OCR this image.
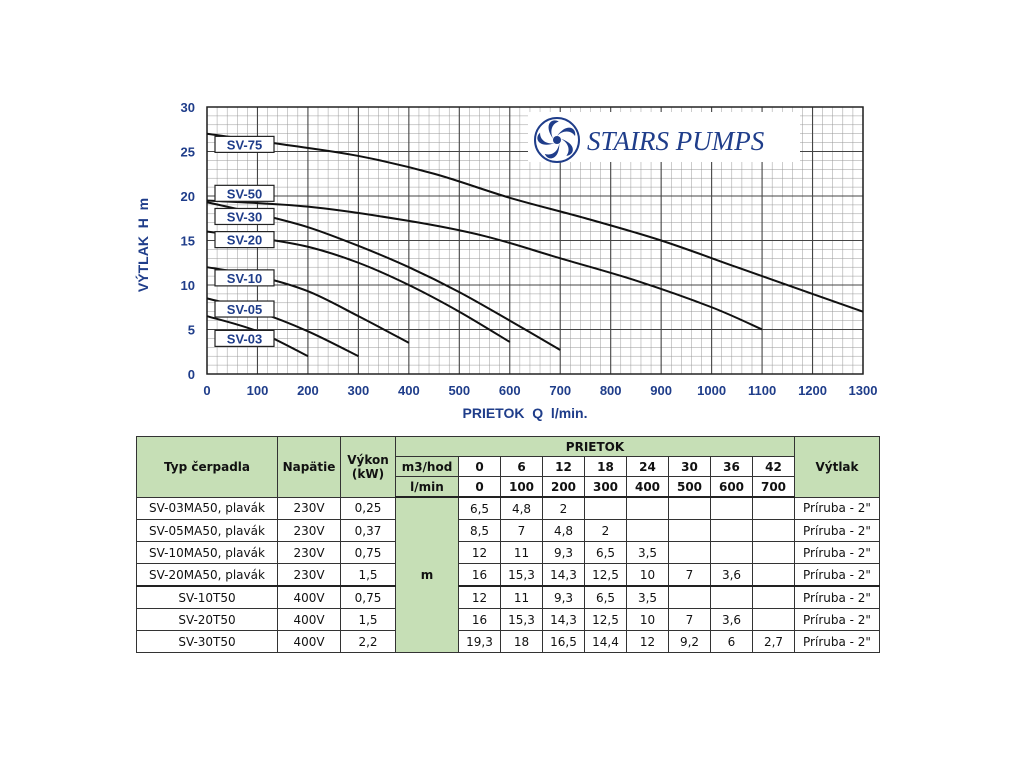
SV-75
SV-50
SV-30
SV-20
SV-10
SV-05
SV-03
0	100 200 300 400 500 600 700 800 900 1000 1100 1200 1300
0
5
10
15
20
25
30
STAIRS PUMPS
PRIETOK  Q  l/min.
VÝTLAK  H  m
Typ čerpadla	Napätie	Výkon (kW)	PRIETOK									Výtlak
			m3/hod	0	6	12	18	24	30	36	42	
			l/min	0	100	200	300	400	500	600	700	
SV-03MA50, plavák	230V	0,25	m	6,5	4,8	2						Príruba - 2"
SV-05MA50, plavák	230V	0,37		8,5	7	4,8	2					Príruba - 2"
SV-10MA50, plavák	230V	0,75		12	11	9,3	6,5	3,5				Príruba - 2"
SV-20MA50, plavák	230V	1,5		16	15,3	14,3	12,5	10	7	3,6		Príruba - 2"
SV-10T50	400V	0,75		12	11	9,3	6,5	3,5				Príruba - 2"
SV-20T50	400V	1,5		16	15,3	14,3	12,5	10	7	3,6		Príruba - 2"
SV-30T50	400V	2,2		19,3	18	16,5	14,4	12	9,2	6	2,7	Príruba - 2"
